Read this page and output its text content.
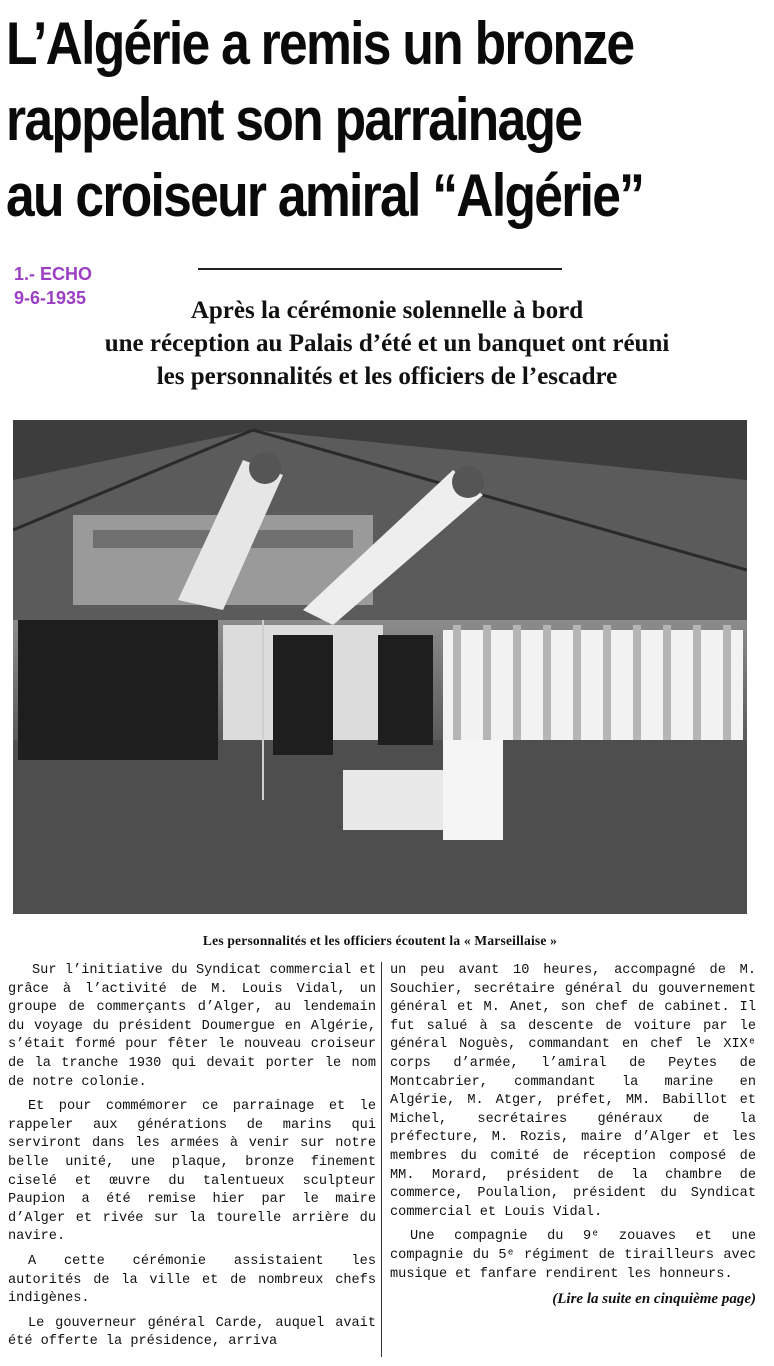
L’Algérie a remis un bronze
rappelant son parrainage
au croiseur amiral “Algérie”
1.- ECHO
9-6-1935	Après la cérémonie solennelle à bord
une réception au Palais d’été et un banquet ont réuni
les personnalités et les officiers de l’escadre
Les personnalités et les officiers écoutent la « Marseillaise »

Sur l’initiative du Syndicat commercial et grâce à l’activité de M. Louis Vidal, un groupe de commerçants d’Alger, au lendemain du voyage du président Doumergue en Algérie, s’était formé pour fêter le nouveau croiseur de la tranche 1930 qui devait porter le nom de notre colonie.

Et pour commémorer ce parrainage et le rappeler aux générations de marins qui serviront dans les armées à venir sur notre belle unité, une plaque, bronze finement ciselé et œuvre du talentueux sculpteur Paupion a été remise hier par le maire d’Alger et rivée sur la tourelle arrière du navire.

A cette cérémonie assistaient les autorités de la ville et de nombreux chefs indigènes.

Le gouverneur général Carde, auquel avait été offerte la présidence, arriva

un peu avant 10 heures, accompagné de M. Souchier, secrétaire général du gouvernement général et M. Anet, son chef de cabinet. Il fut salué à sa descente de voiture par le général Noguès, commandant en chef le XIXᵉ corps d’armée, l’amiral de Peytes de Montcabrier, commandant la marine en Algérie, M. Atger, préfet, MM. Babillot et Michel, secrétaires généraux de la préfecture, M. Rozis, maire d’Alger et les membres du comité de réception composé de MM. Morard, président de la chambre de commerce, Poulalion, président du Syndicat commercial et Louis Vidal.

Une compagnie du 9ᵉ zouaves et une compagnie du 5ᵉ régiment de tirailleurs avec musique et fanfare rendirent les honneurs.

(Lire la suite en cinquième page)
